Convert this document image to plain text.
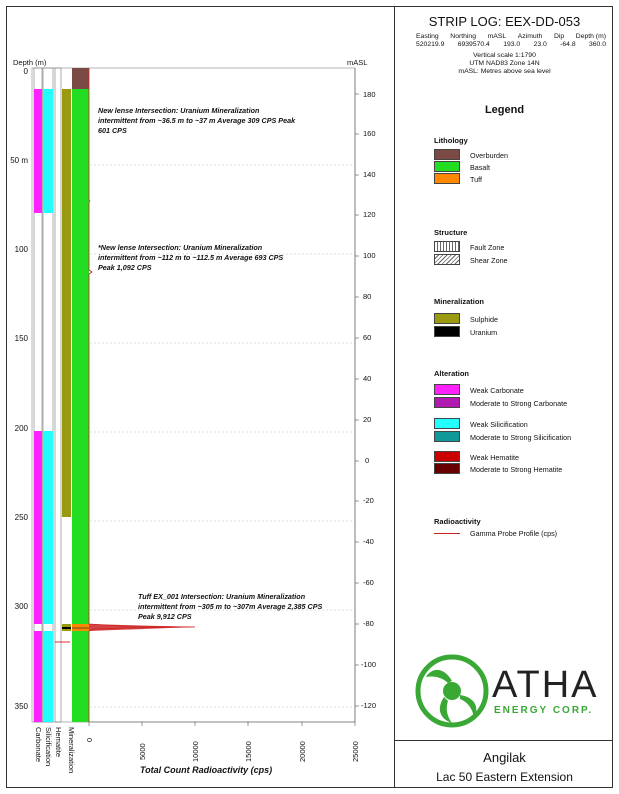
Depth (m)	mASL
0
50 m
100
150
200
250
300
350
180
160
140
120
100
80
60
40
20
0
-20
-40
-60
-80
-100
-120
0
5000	10000	15000	20000	25000
Carbonate Silicification Hematite Mineralization	Total Count Radioactivity (cps)
New lense Intersection: Uranium Mineralization intermittent from ~36.5 m to ~37 m Average 309 CPS Peak 601 CPS
*New lense Intersection: Uranium Mineralization intermittent from ~112 m to ~112.5 m Average 693 CPS Peak 1,092 CPS
Tuff EX_001 Intersection: Uranium Mineralization intermittent from ~305 m to ~307m Average 2,385 CPS Peak 9,912 CPS
STRIP LOG: EEX-DD-053
Easting Northing mASL Azimuth Dip Depth (m)
520219.9 6939570.4 193.0 23.0 -64.8 360.0
Vertical scale 1:1790
UTM NAD83 Zone 14N
mASL: Metres above sea level
Legend
Lithology
Overburden
Basalt
Tuff
Structure
Fault Zone
Shear Zone
Mineralization
Sulphide
Uranium
Alteration
Weak Carbonate
Moderate to Strong Carbonate
Weak Silicification
Moderate to Strong Silicification
Weak Hematite
Moderate to Strong Hematite
Radioactivity
Gamma Probe Profile (cps)
ATHA
ENERGY CORP.
Angilak
Lac 50 Eastern Extension
